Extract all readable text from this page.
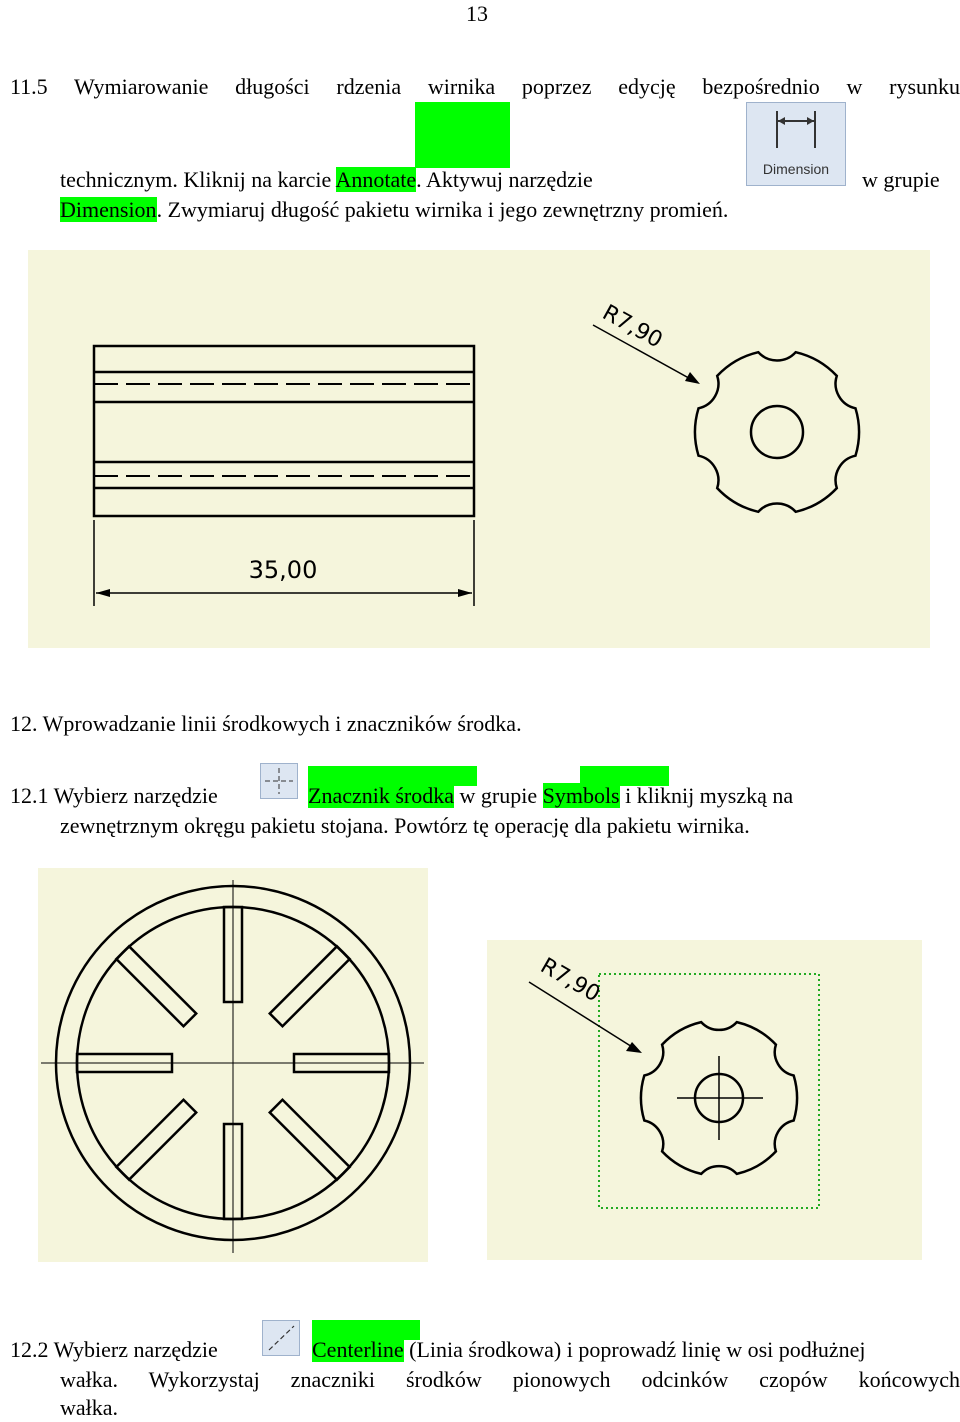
13
11.5 Wymiarowanie długości rdzenia wirnika poprzez edycję bezpośrednio w rysunku
technicznym. Kliknij na karcie Annotate. Aktywuj narzędzie	Dimension	w grupie
Dimension. Zwymiaruj długość pakietu wirnika i jego zewnętrzny promień.
35,00
R7,90
12. Wprowadzanie linii środkowych i znaczników środka.
12.1 Wybierz narzędzie	Znacznik środka w grupie Symbols i kliknij myszką na
zewnętrznym okręgu pakietu stojana. Powtórz tę operację dla pakietu wirnika.
R7,90
12.2 Wybierz narzędzie	Centerline (Linia środkowa) i poprowadź linię w osi podłużnej
wałka. Wykorzystaj znaczniki środków pionowych odcinków czopów końcowych
wałka.
